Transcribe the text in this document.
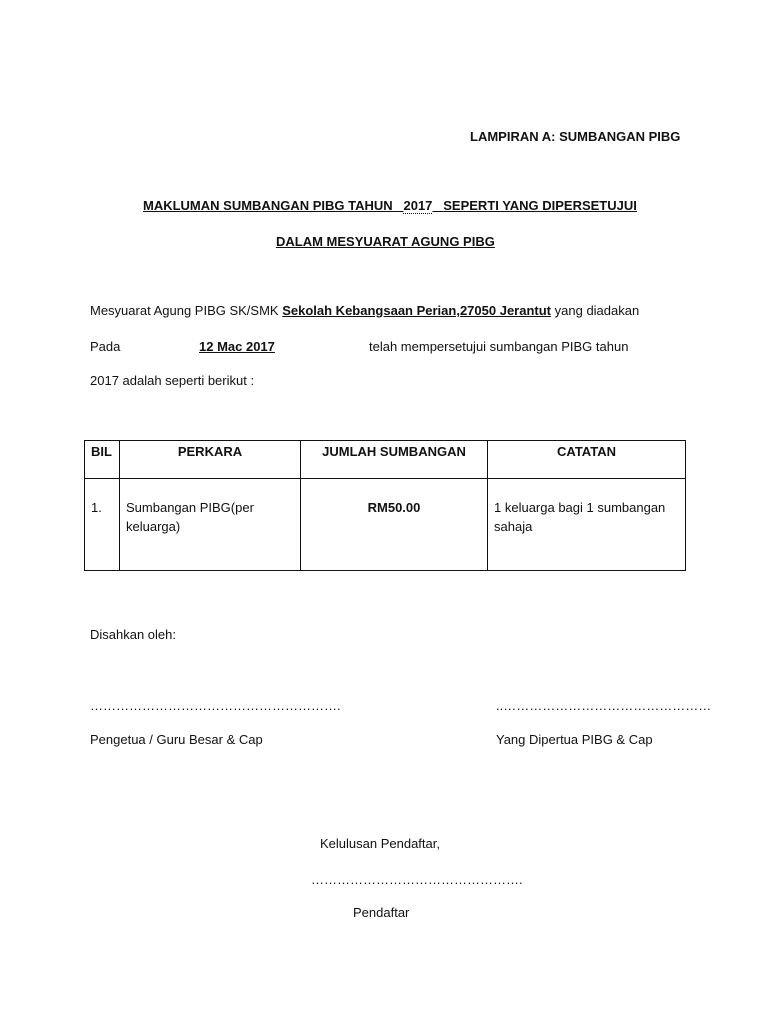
LAMPIRAN A: SUMBANGAN PIBG
MAKLUMAN SUMBANGAN PIBG TAHUN 2017 SEPERTI YANG DIPERSETUJUI
DALAM MESYUARAT AGUNG PIBG
Mesyuarat Agung PIBG SK/SMK Sekolah Kebangsaan Perian,27050 Jerantut yang diadakan
Pada	12 Mac 2017	telah mempersetujui sumbangan PIBG tahun
2017 adalah seperti berikut :
BIL	PERKARA	JUMLAH SUMBANGAN	CATATAN
1.	Sumbangan PIBG(per keluarga)	RM50.00	1 keluarga bagi 1 sumbangan sahaja
Disahkan oleh:
………………………………………………….	..…………………………………………
Pengetua / Guru Besar & Cap	Yang Dipertua PIBG & Cap
Kelulusan Pendaftar,
………………………………………….
Pendaftar
